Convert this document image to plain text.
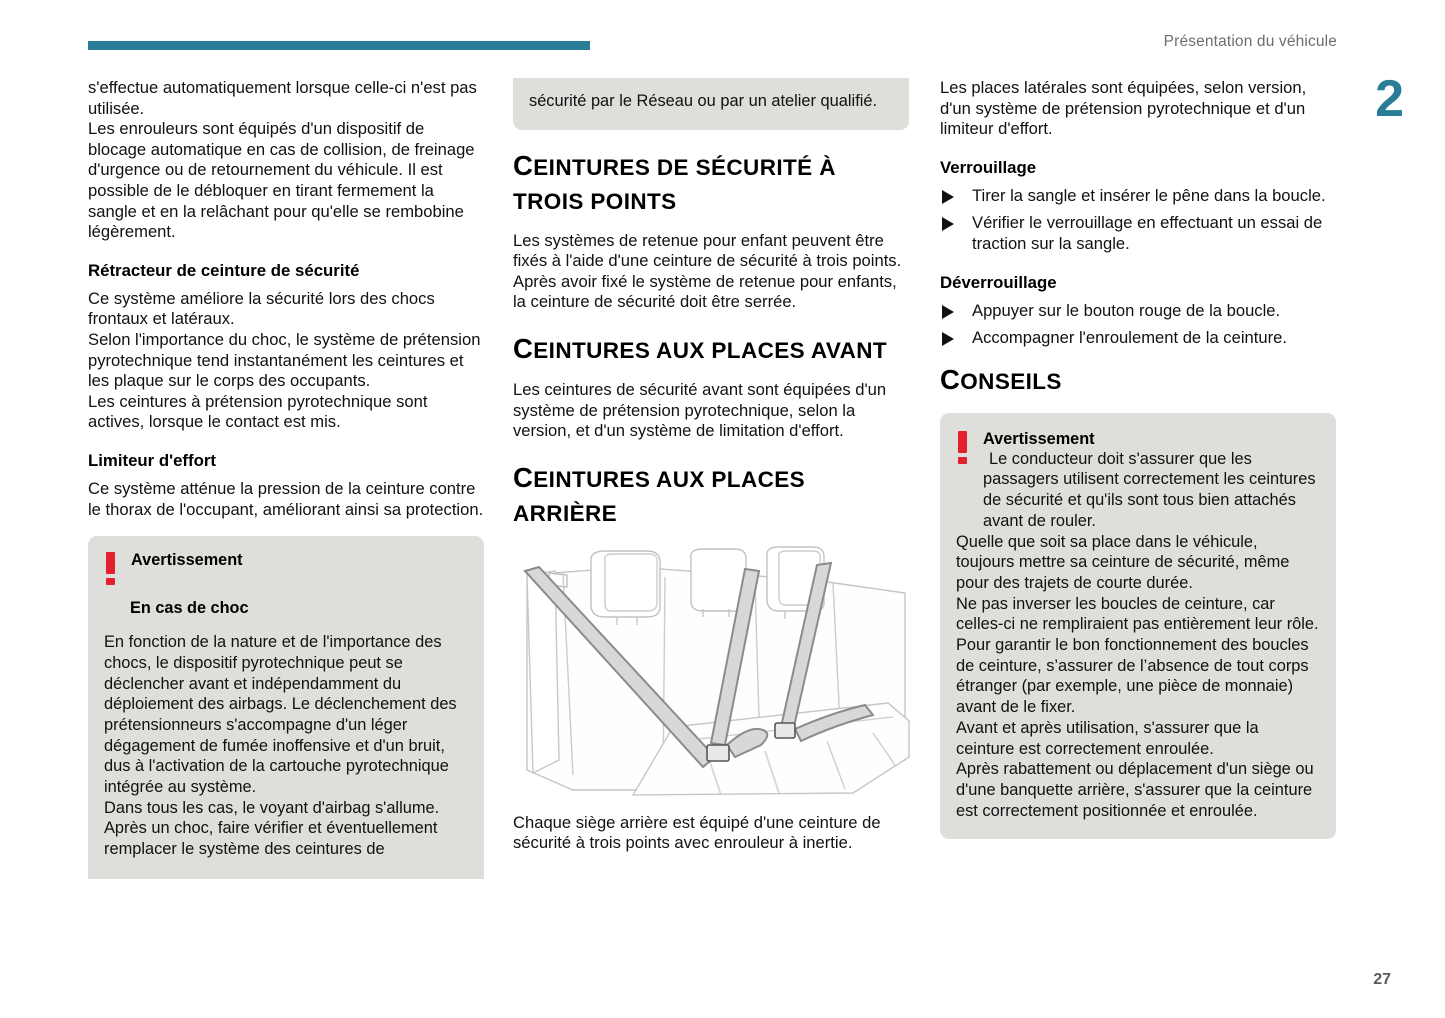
Présentation du véhicule
2
27

s'effectue automatiquement lorsque celle-ci n'est pas utilisée.

Les enrouleurs sont équipés d'un dispositif de blocage automatique en cas de collision, de freinage d'urgence ou de retournement du véhicule. Il est possible de le débloquer en tirant fermement la sangle et en la relâchant pour qu'elle se rembobine légèrement.

Rétracteur de ceinture de sécurité

Ce système améliore la sécurité lors des chocs frontaux et latéraux.

Selon l'importance du choc, le système de prétension pyrotechnique tend instantanément les ceintures et les plaque sur le corps des occupants.

Les ceintures à prétension pyrotechnique sont actives, lorsque le contact est mis.

Limiteur d'effort

Ce système atténue la pression de la ceinture contre le thorax de l'occupant, améliorant ainsi sa protection.

Avertissement
En cas de choc
En fonction de la nature et de l'importance des chocs, le dispositif pyrotechnique peut se déclencher avant et indépendamment du déploiement des airbags. Le déclenchement des prétensionneurs s'accompagne d'un léger dégagement de fumée inoffensive et d'un bruit, dus à l'activation de la cartouche pyrotechnique intégrée au système.
Dans tous les cas, le voyant d'airbag s'allume.
Après un choc, faire vérifier et éventuellement remplacer le système des ceintures de
sécurité par le Réseau ou par un atelier qualifié.
CEINTURES DE SÉCURITÉ À TROIS POINTS

Les systèmes de retenue pour enfant peuvent être fixés à l'aide d'une ceinture de sécurité à trois points. Après avoir fixé le système de retenue pour enfants, la ceinture de sécurité doit être serrée.

CEINTURES AUX PLACES AVANT

Les ceintures de sécurité avant sont équipées d'un système de prétension pyrotechnique, selon la version, et d'un système de limitation d'effort.

CEINTURES AUX PLACES ARRIÈRE

Chaque siège arrière est équipé d'une ceinture de sécurité à trois points avec enrouleur à inertie.

Les places latérales sont équipées, selon version, d'un système de prétension pyrotechnique et d'un limiteur d'effort.

Verrouillage
Tirer la sangle et insérer le pêne dans la boucle.
Vérifier le verrouillage en effectuant un essai de traction sur la sangle.
Déverrouillage
Appuyer sur le bouton rouge de la boucle.
Accompagner l'enroulement de la ceinture.
CONSEILS
Avertissement
Le conducteur doit s'assurer que les passagers utilisent correctement les ceintures de sécurité et qu'ils sont tous bien attachés avant de rouler.
Quelle que soit sa place dans le véhicule, toujours mettre sa ceinture de sécurité, même pour des trajets de courte durée.
Ne pas inverser les boucles de ceinture, car celles-ci ne rempliraient pas entièrement leur rôle.
Pour garantir le bon fonctionnement des boucles de ceinture, s’assurer de l’absence de tout corps étranger (par exemple, une pièce de monnaie) avant de le fixer.
Avant et après utilisation, s'assurer que la ceinture est correctement enroulée.
Après rabattement ou déplacement d'un siège ou d'une banquette arrière, s'assurer que la ceinture est correctement positionnée et enroulée.
